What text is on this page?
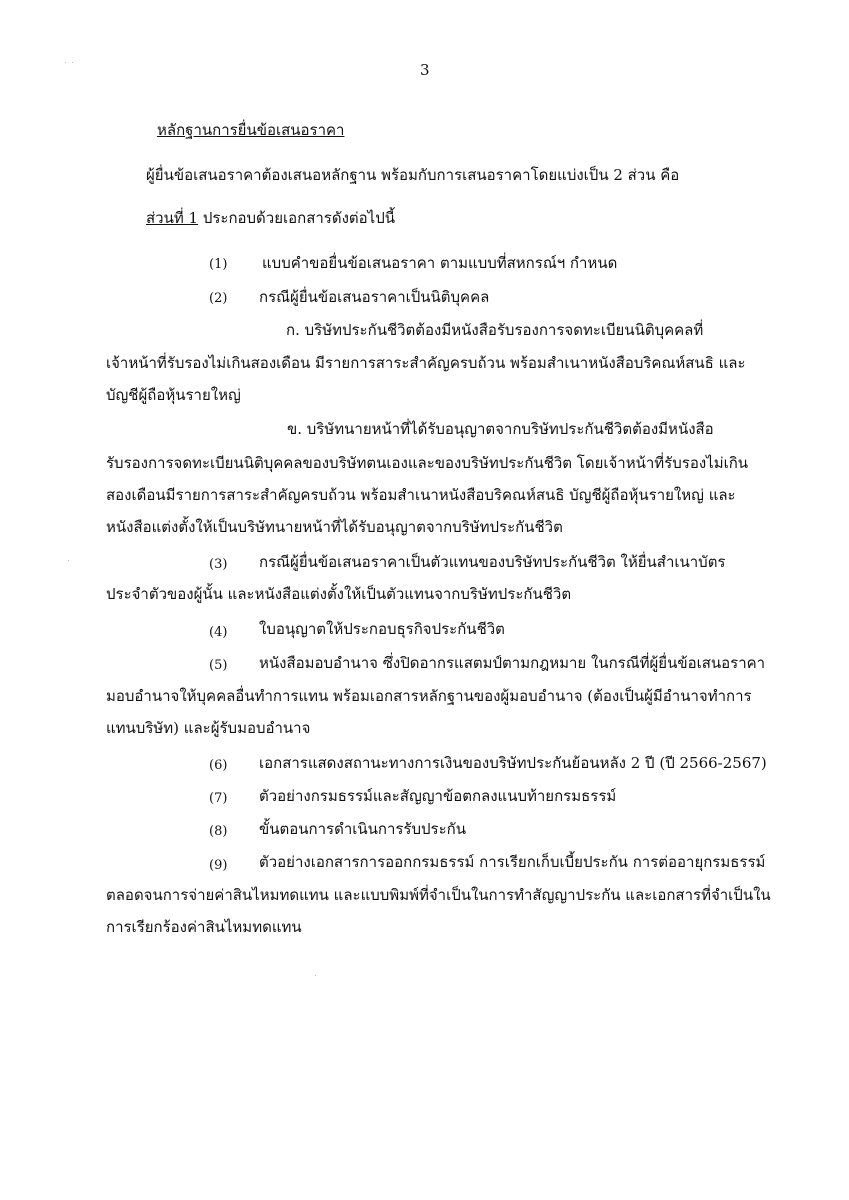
3
หลักฐานการยื่นข้อเสนอราคา
ผู้ยื่นข้อเสนอราคาต้องเสนอหลักฐาน พร้อมกับการเสนอราคาโดยแบ่งเป็น 2 ส่วน คือ
ส่วนที่ 1 ประกอบด้วยเอกสารดังต่อไปนี้
(1) แบบคำขอยื่นข้อเสนอราคา ตามแบบที่สหกรณ์ฯ กำหนด
(2) กรณีผู้ยื่นข้อเสนอราคาเป็นนิติบุคคล
ก. บริษัทประกันชีวิตต้องมีหนังสือรับรองการจดทะเบียนนิติบุคคลที่
เจ้าหน้าที่รับรองไม่เกินสองเดือน มีรายการสาระสำคัญครบถ้วน พร้อมสำเนาหนังสือบริคณห์สนธิ และ
บัญชีผู้ถือหุ้นรายใหญ่
ข. บริษัทนายหน้าที่ได้รับอนุญาตจากบริษัทประกันชีวิตต้องมีหนังสือ
รับรองการจดทะเบียนนิติบุคคลของบริษัทตนเองและของบริษัทประกันชีวิต โดยเจ้าหน้าที่รับรองไม่เกิน
สองเดือนมีรายการสาระสำคัญครบถ้วน พร้อมสำเนาหนังสือบริคณห์สนธิ บัญชีผู้ถือหุ้นรายใหญ่ และ
หนังสือแต่งตั้งให้เป็นบริษัทนายหน้าที่ได้รับอนุญาตจากบริษัทประกันชีวิต
(3) กรณีผู้ยื่นข้อเสนอราคาเป็นตัวแทนของบริษัทประกันชีวิต ให้ยื่นสำเนาบัตร
ประจำตัวของผู้นั้น และหนังสือแต่งตั้งให้เป็นตัวแทนจากบริษัทประกันชีวิต
(4) ใบอนุญาตให้ประกอบธุรกิจประกันชีวิต
(5) หนังสือมอบอำนาจ ซึ่งปิดอากรแสตมป์ตามกฎหมาย ในกรณีที่ผู้ยื่นข้อเสนอราคา
มอบอำนาจให้บุคคลอื่นทำการแทน พร้อมเอกสารหลักฐานของผู้มอบอำนาจ (ต้องเป็นผู้มีอำนาจทำการ
แทนบริษัท) และผู้รับมอบอำนาจ
(6) เอกสารแสดงสถานะทางการเงินของบริษัทประกันย้อนหลัง 2 ปี (ปี 2566-2567)
(7) ตัวอย่างกรมธรรม์และสัญญาข้อตกลงแนบท้ายกรมธรรม์
(8) ขั้นตอนการดำเนินการรับประกัน
(9) ตัวอย่างเอกสารการออกกรมธรรม์ การเรียกเก็บเบี้ยประกัน การต่ออายุกรมธรรม์
ตลอดจนการจ่ายค่าสินไหมทดแทน และแบบพิมพ์ที่จำเป็นในการทำสัญญาประกัน และเอกสารที่จำเป็นใน
การเรียกร้องค่าสินไหมทดแทน
